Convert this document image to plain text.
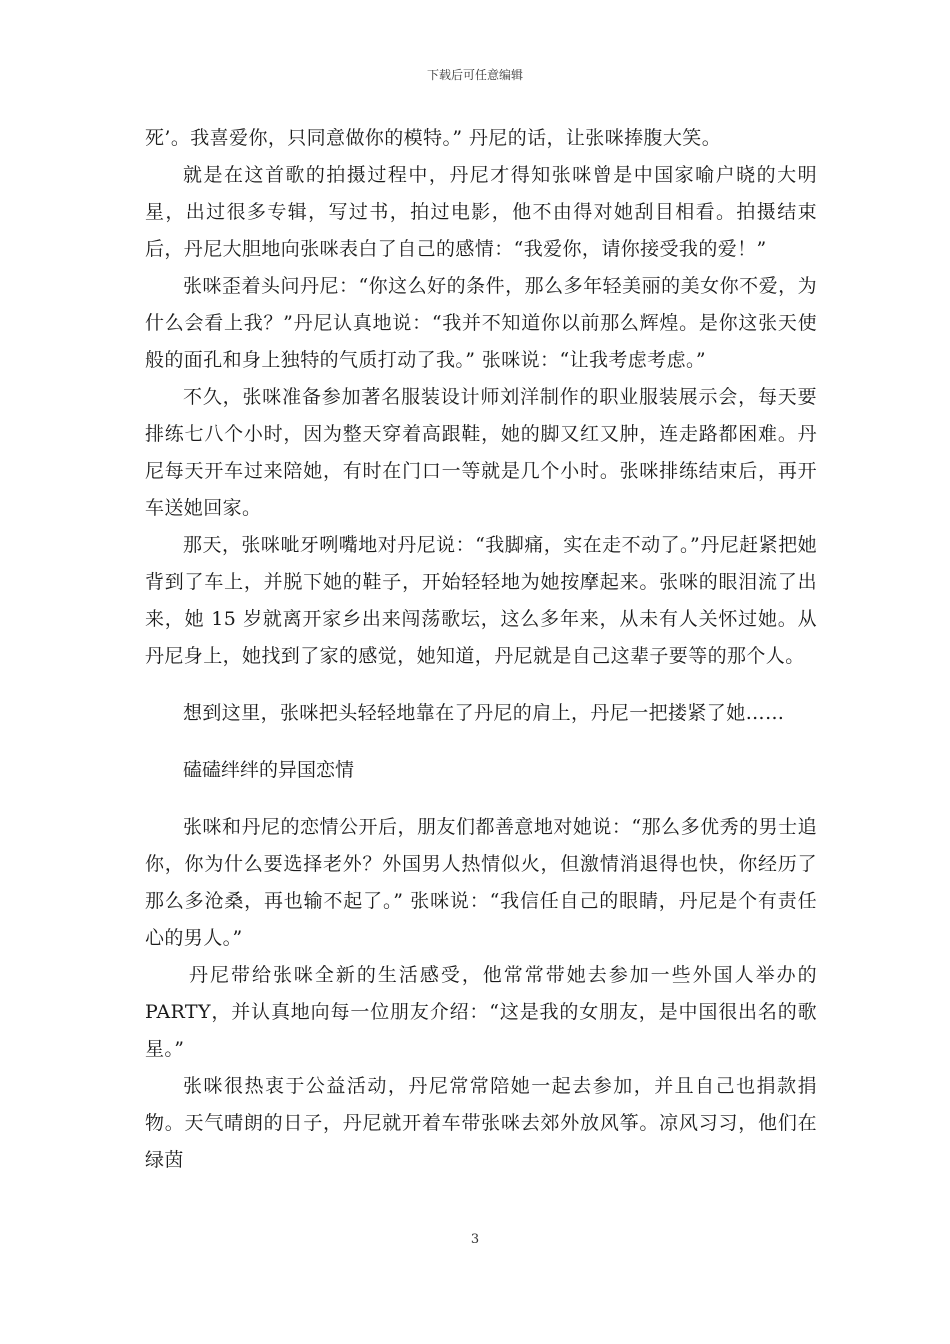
下载后可任意编辑

死’。我喜爱你，只同意做你的模特。” 丹尼的话，让张咪捧腹大笑。

就是在这首歌的拍摄过程中，丹尼才得知张咪曾是中国家喻户晓的大明星，出过很多专辑，写过书，拍过电影，他不由得对她刮目相看。拍摄结束后，丹尼大胆地向张咪表白了自己的感情：“我爱你，请你接受我的爱！”

张咪歪着头问丹尼：“你这么好的条件，那么多年轻美丽的美女你不爱，为什么会看上我？”丹尼认真地说：“我并不知道你以前那么辉煌。是你这张天使般的面孔和身上独特的气质打动了我。” 张咪说：“让我考虑考虑。”

不久，张咪准备参加著名服装设计师刘洋制作的职业服装展示会，每天要排练七八个小时，因为整天穿着高跟鞋，她的脚又红又肿，连走路都困难。丹尼每天开车过来陪她，有时在门口一等就是几个小时。张咪排练结束后，再开车送她回家。

那天，张咪呲牙咧嘴地对丹尼说：“我脚痛，实在走不动了。”丹尼赶紧把她背到了车上，并脱下她的鞋子，开始轻轻地为她按摩起来。张咪的眼泪流了出来，她 15 岁就离开家乡出来闯荡歌坛，这么多年来，从未有人关怀过她。从丹尼身上，她找到了家的感觉，她知道，丹尼就是自己这辈子要等的那个人。

想到这里，张咪把头轻轻地靠在了丹尼的肩上，丹尼一把搂紧了她……

磕磕绊绊的异国恋情

张咪和丹尼的恋情公开后，朋友们都善意地对她说：“那么多优秀的男士追你，你为什么要选择老外？外国男人热情似火，但激情消退得也快，你经历了那么多沧桑，再也输不起了。” 张咪说：“我信任自己的眼睛，丹尼是个有责任心的男人。”

丹尼带给张咪全新的生活感受，他常常带她去参加一些外国人举办的PARTY，并认真地向每一位朋友介绍：“这是我的女朋友，是中国很出名的歌星。”

张咪很热衷于公益活动，丹尼常常陪她一起去参加，并且自己也捐款捐物。天气晴朗的日子，丹尼就开着车带张咪去郊外放风筝。凉风习习，他们在绿茵

3
